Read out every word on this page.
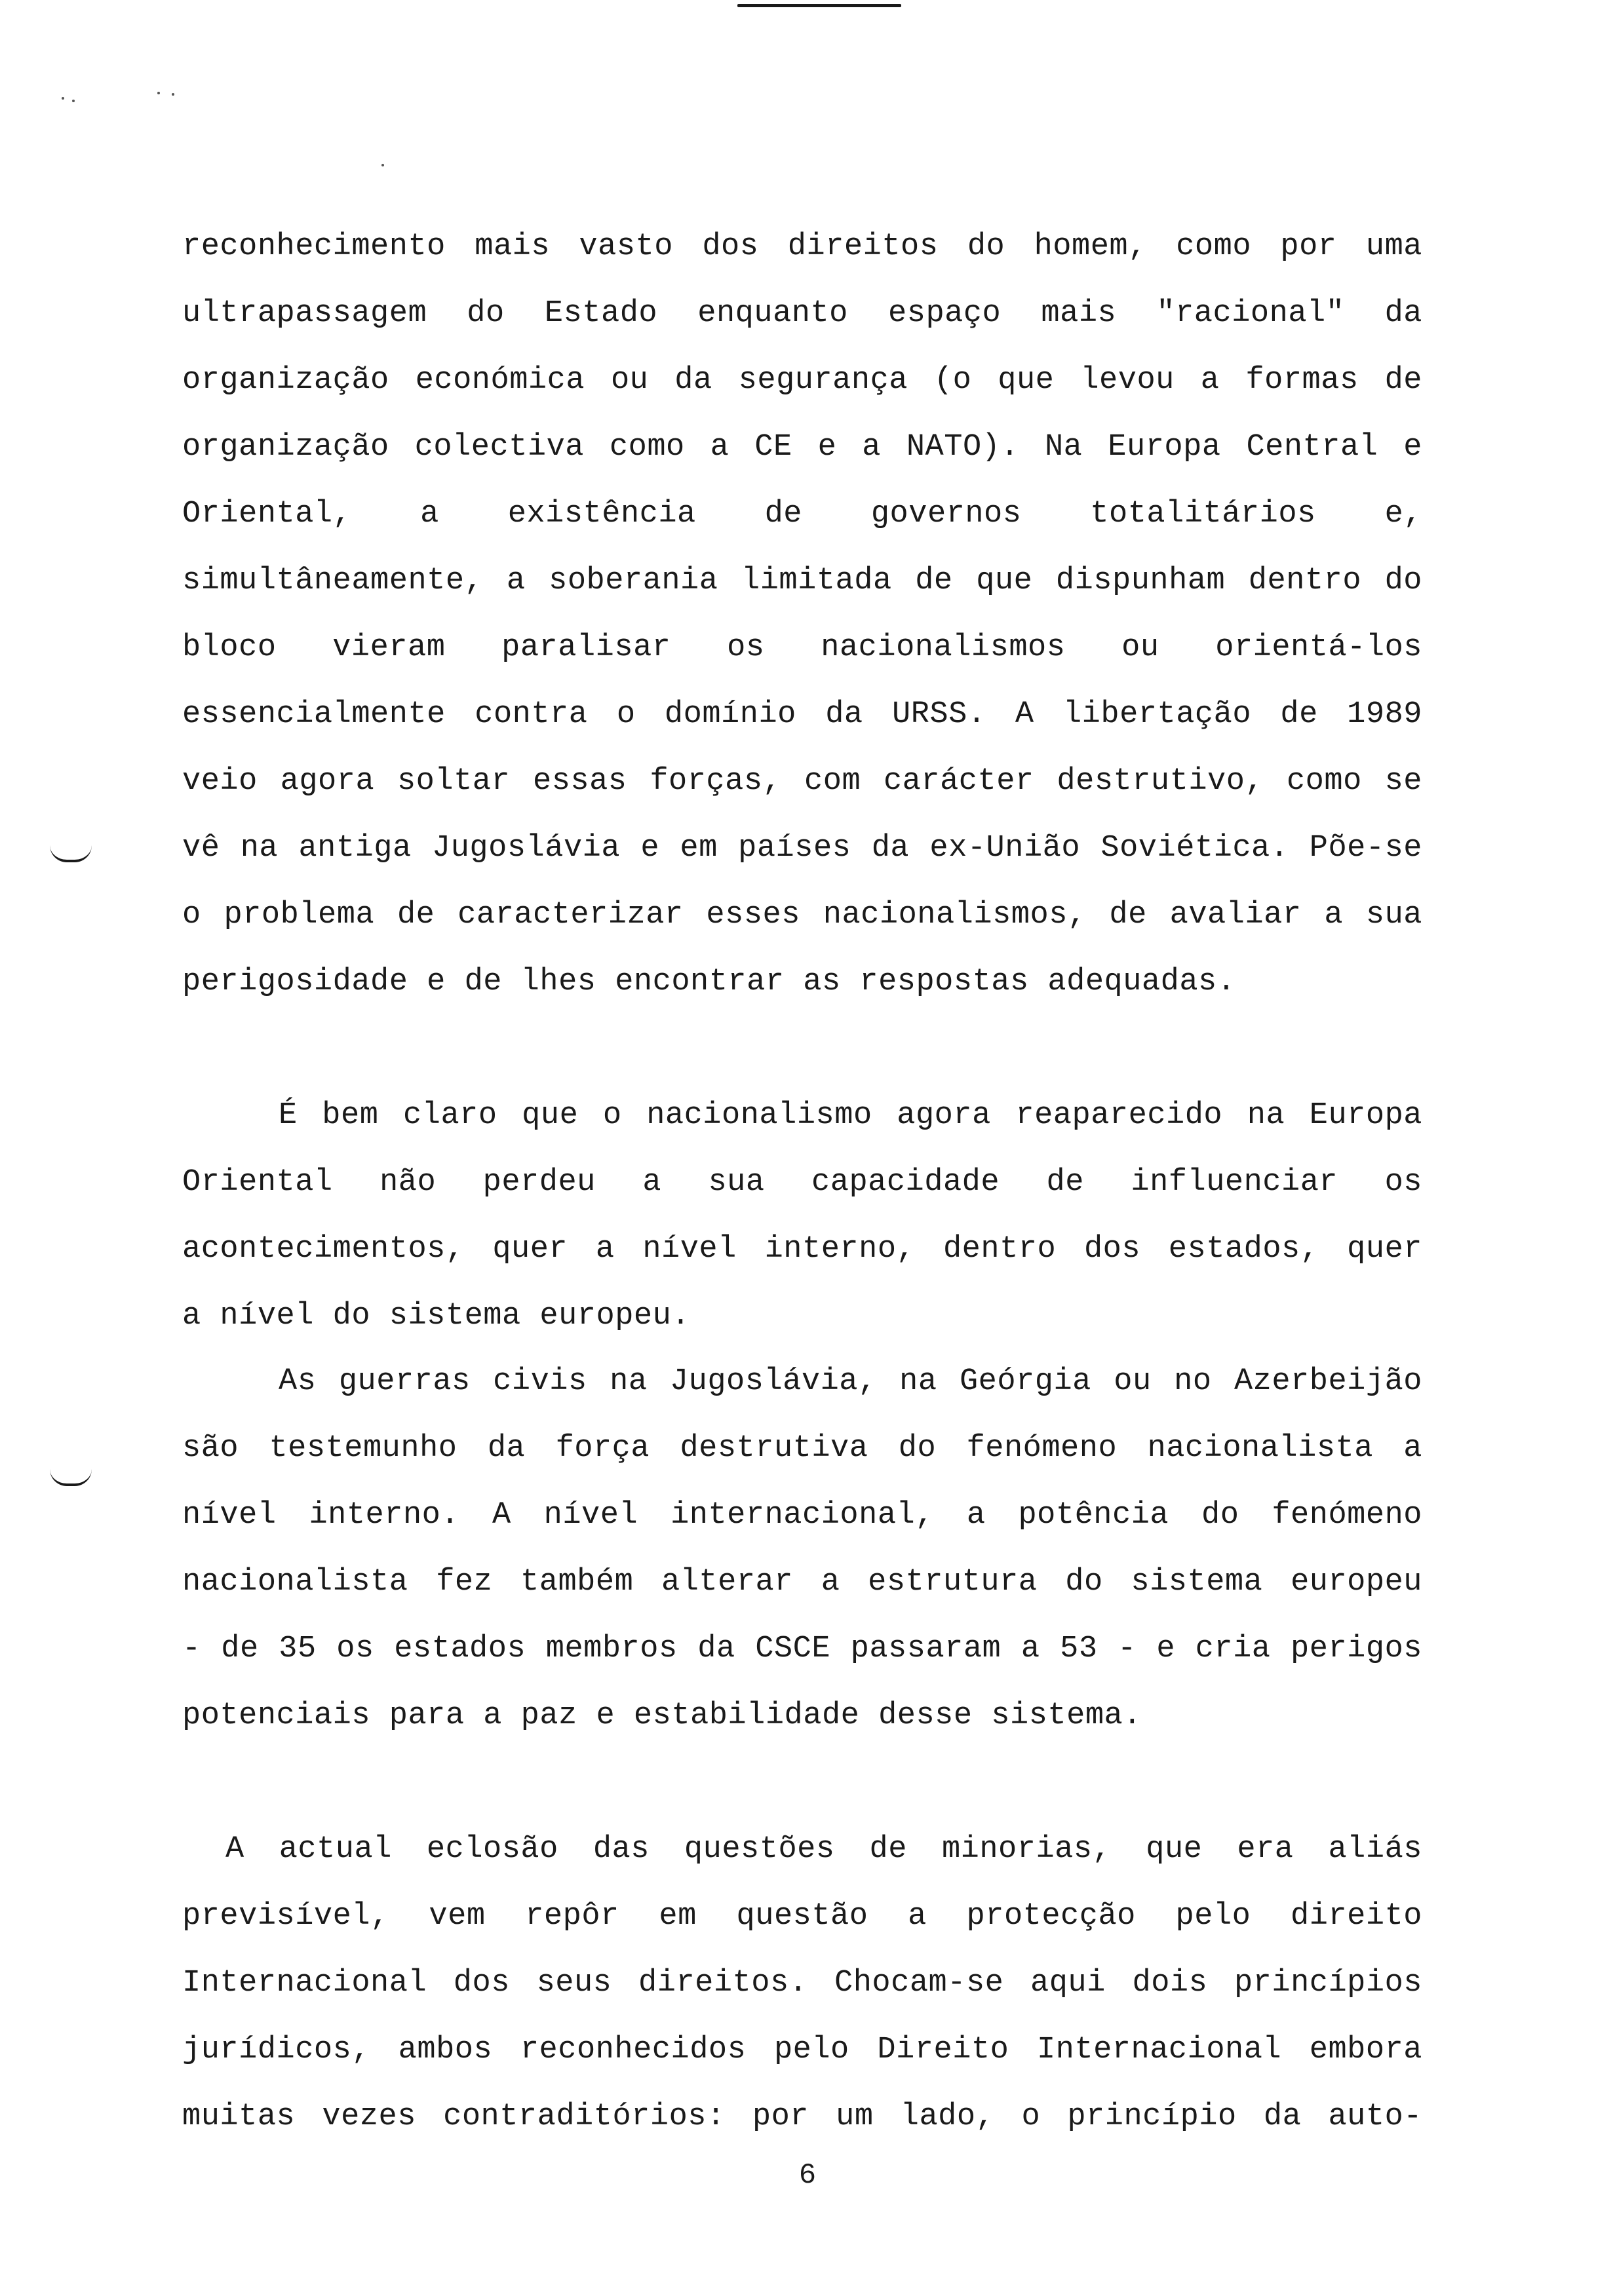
reconhecimento mais vasto dos direitos do homem, como por uma
ultrapassagem do Estado enquanto espaço mais "racional" da
organização económica ou da segurança (o que levou a formas de
organização colectiva como a CE e a NATO). Na Europa Central e
Oriental, a existência de governos totalitários e,
simultâneamente, a soberania limitada de que dispunham dentro do
bloco vieram paralisar os nacionalismos ou orientá-los
essencialmente contra o domínio da URSS. A libertação de 1989
veio agora soltar essas forças, com carácter destrutivo, como se
vê na antiga Jugoslávia e em países da ex-União Soviética. Põe-se
o problema de caracterizar esses nacionalismos, de avaliar a sua
perigosidade e de lhes encontrar as respostas adequadas.
É bem claro que o nacionalismo agora reaparecido na Europa
Oriental não perdeu a sua capacidade de influenciar os
acontecimentos, quer a nível interno, dentro dos estados, quer
a nível do sistema europeu.
As guerras civis na Jugoslávia, na Geórgia ou no Azerbeijão
são testemunho da força destrutiva do fenómeno nacionalista a
nível interno. A nível internacional, a potência do fenómeno
nacionalista fez também alterar a estrutura do sistema europeu
- de 35 os estados membros da CSCE passaram a 53 - e cria perigos
potenciais para a paz e estabilidade desse sistema.
A actual eclosão das questões de minorias, que era aliás
previsível, vem repôr em questão a protecção pelo direito
Internacional dos seus direitos. Chocam-se aqui dois princípios
jurídicos, ambos reconhecidos pelo Direito Internacional embora
muitas vezes contraditórios: por um lado, o princípio da auto-
6
